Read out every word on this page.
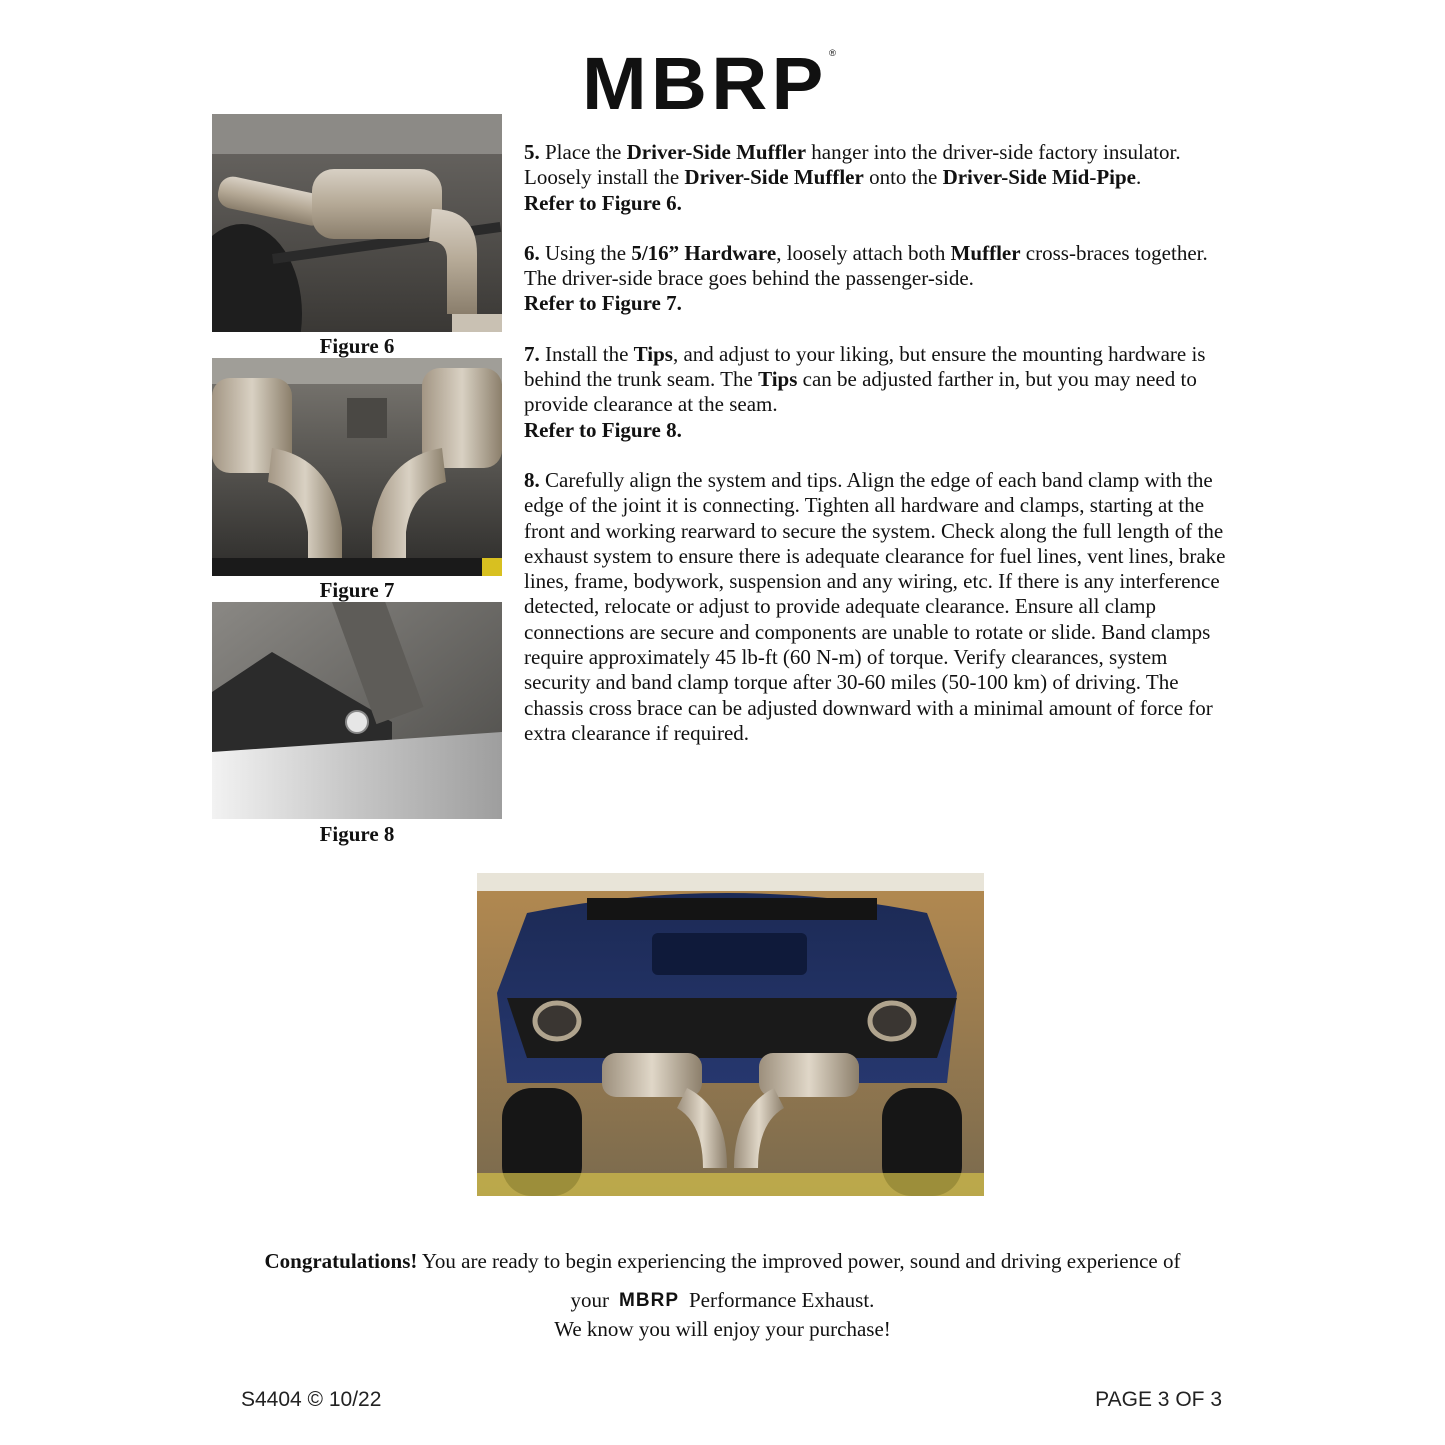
MBRP ®
Figure 6
Figure 7
Figure 8

5. Place the Driver-Side Muffler hanger into the driver-side factory insulator. Loosely install the Driver-Side Muffler onto the Driver-Side Mid-Pipe.
Refer to Figure 6.

6. Using the 5/16” Hardware, loosely attach both Muffler cross-braces together. The driver-side brace goes behind the passenger-side.
Refer to Figure 7.

7. Install the Tips, and adjust to your liking, but ensure the mounting hardware is behind the trunk seam. The Tips can be adjusted farther in, but you may need to provide clearance at the seam.
Refer to Figure 8.

8. Carefully align the system and tips. Align the edge of each band clamp with the edge of the joint it is connecting. Tighten all hardware and clamps, starting at the front and working rearward to secure the system. Check along the full length of the exhaust system to ensure there is adequate clearance for fuel lines, vent lines, brake lines, frame, bodywork, suspension and any wiring, etc. If there is any interference detected, relocate or adjust to provide adequate clearance. Ensure all clamp connections are secure and components are unable to rotate or slide. Band clamps require approximately 45 lb-ft (60 N-m) of torque. Verify clearances, system security and band clamp torque after 30-60 miles (50-100 km) of driving. The chassis cross brace can be adjusted downward with a minimal amount of force for extra clearance if required.

Congratulations! You are ready to begin experiencing the improved power, sound and driving experience of
your MBRP Performance Exhaust.
We know you will enjoy your purchase!
S4404 © 10/22	PAGE 3 OF 3
